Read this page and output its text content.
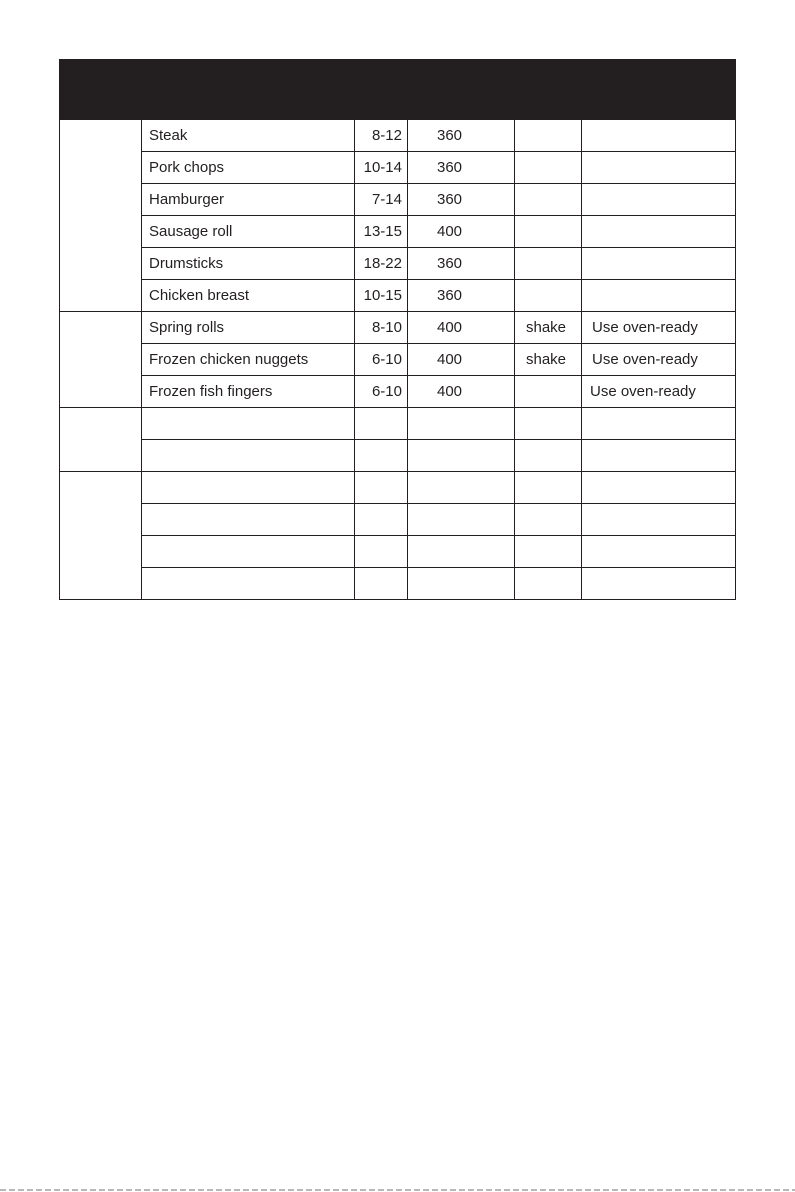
	Steak	8-12	360		
	Pork chops	10-14	360		
	Hamburger	7-14	360		
	Sausage roll	13-15	400		
	Drumsticks	18-22	360		
	Chicken breast	10-15	360		
	Spring rolls	8-10	400	shake	Use oven-ready
	Frozen chicken nuggets	6-10	400	shake	Use oven-ready
	Frozen fish fingers	6-10	400		Use oven-ready
